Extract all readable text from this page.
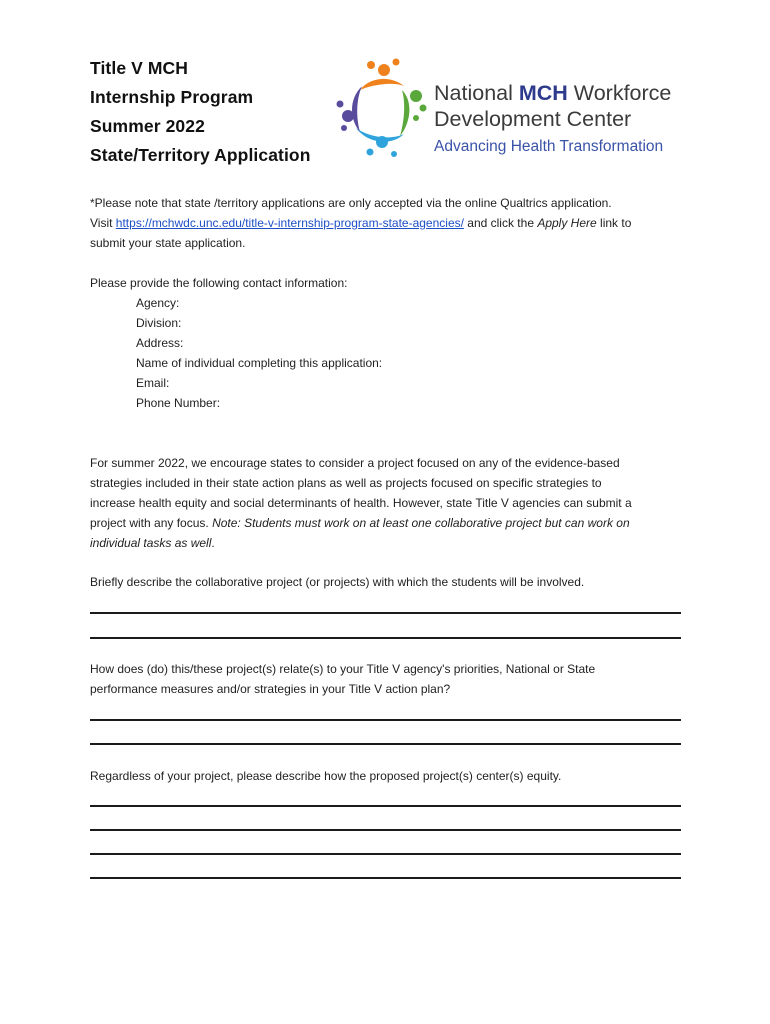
Title V MCH
Internship Program
Summer 2022
State/Territory Application
National MCH Workforce
Development Center
Advancing Health Transformation
*Please note that state /territory applications are only accepted via the online Qualtrics application.
Visit https://mchwdc.unc.edu/title-v-internship-program-state-agencies/ and click the Apply Here link to
submit your state application.
Please provide the following contact information:
Agency:
Division:
Address:
Name of individual completing this application:
Email:
Phone Number:
For summer 2022, we encourage states to consider a project focused on any of the evidence-based
strategies included in their state action plans as well as projects focused on specific strategies to
increase health equity and social determinants of health. However, state Title V agencies can submit a
project with any focus. Note: Students must work on at least one collaborative project but can work on
individual tasks as well.
Briefly describe the collaborative project (or projects) with which the students will be involved.
How does (do) this/these project(s) relate(s) to your Title V agency's priorities, National or State
performance measures and/or strategies in your Title V action plan?
Regardless of your project, please describe how the proposed project(s) center(s) equity.
